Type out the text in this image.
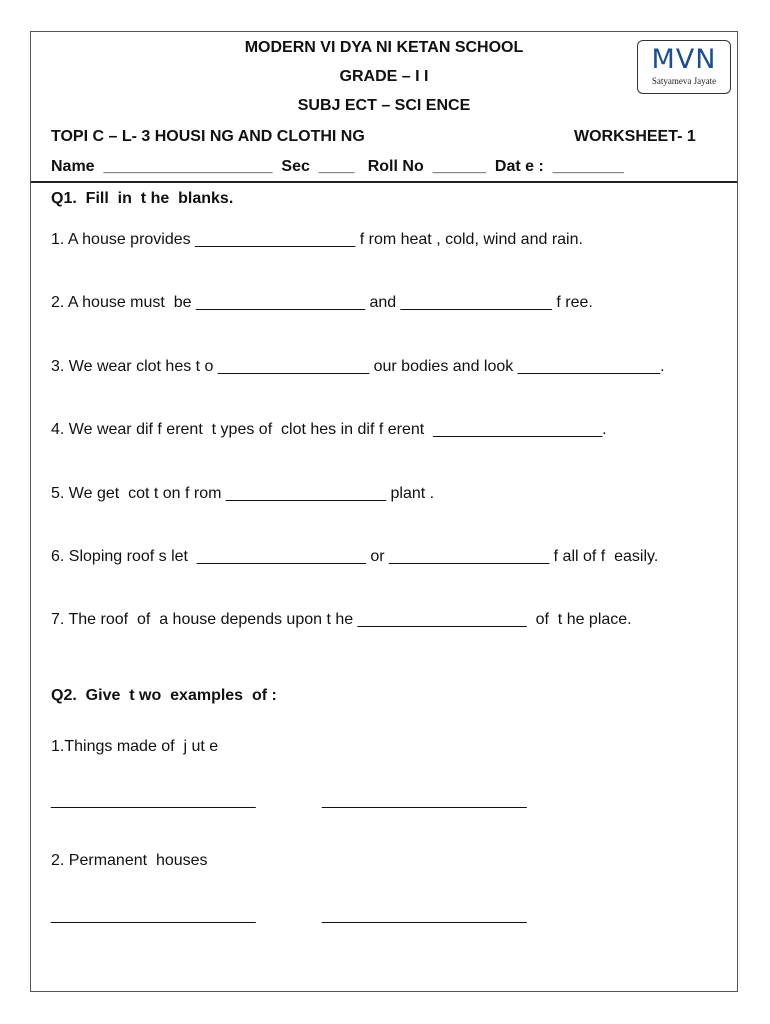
MODERN VI DYA NI KETAN SCHOOL
GRADE – I I
SUBJ ECT – SCI ENCE
MVN
Satyameva Jayate
TOPI C – L- 3 HOUSI NG AND CLOTHI NG	WORKSHEET- 1
Name  ___________________  Sec  ____   Roll No  ______  Dat e :  ________
Q1.  Fill  in  t he  blanks.
1. A house provides __________________ f rom heat , cold, wind and rain.
2. A house must  be ___________________ and _________________ f ree.
3. We wear clot hes t o _________________ our bodies and look ________________.
4. We wear dif f erent  t ypes of  clot hes in dif f erent  ___________________.
5. We get  cot t on f rom __________________ plant .
6. Sloping roof s let  ___________________ or __________________ f all of f  easily.
7. The roof  of  a house depends upon t he ___________________  of  t he place.
Q2.  Give  t wo  examples  of :
1.Things made of  j ut e
_______________________	_______________________
2. Permanent  houses
_______________________	_______________________
